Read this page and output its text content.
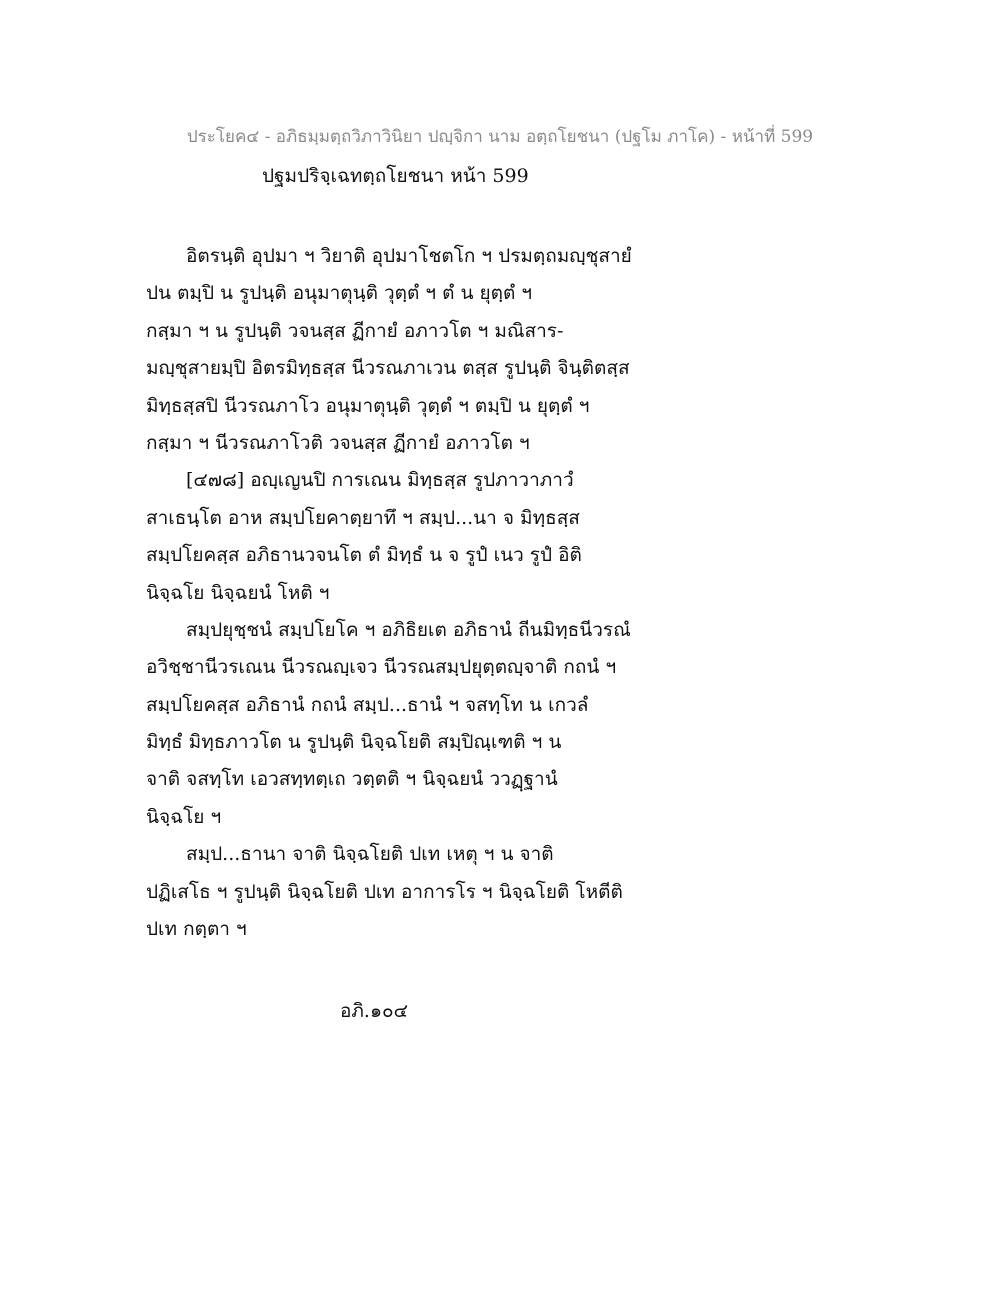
ประโยค๔ - อภิธมฺมตฺถวิภาวินิยา ปญฺจิกา นาม อตฺถโยชนา (ปฐโม ภาโค) - หน้าที่ 599
ปฐมปริจฺเฉทตฺถโยชนา หน้า 599
อิตรนฺติ อุปมา ฯ วิยาติ อุปมาโชตโก ฯ ปรมตฺถมญฺชุสายํ
ปน ตมฺปิ น รูปนฺติ อนุมาตุนฺติ วุตฺตํ ฯ ตํ น ยุตฺตํ ฯ
กสฺมา ฯ น รูปนฺติ วจนสฺส ฏีกายํ อภาวโต ฯ มณิสาร-
มญฺชุสายมฺปิ อิตรมิทฺธสฺส นีวรณภาเวน ตสฺส รูปนฺติ จินฺติตสฺส
มิทฺธสฺสปิ นีวรณภาโว อนุมาตุนฺติ วุตฺตํ ฯ ตมฺปิ น ยุตฺตํ ฯ
กสฺมา ฯ นีวรณภาโวติ วจนสฺส ฏีกายํ อภาวโต ฯ
[๔๗๘] อญฺเญนปิ การเณน มิทฺธสฺส รูปภาวาภาวํ
สาเธนฺโต อาห สมฺปโยคาตฺยาทึ ฯ สมฺป...นา จ มิทฺธสฺส
สมฺปโยคสฺส อภิธานวจนโต ตํ มิทฺธํ น จ รูปํ เนว รูปํ อิติ
นิจฺฉโย นิจฺฉยนํ โหติ ฯ
สมฺปยุชฺชนํ สมฺปโยโค ฯ อภิธิยเต อภิธานํ ถีนมิทฺธนีวรณํ
อวิชฺชานีวรเณน นีวรณญฺเจว นีวรณสมฺปยุตฺตญฺจาติ กถนํ ฯ
สมฺปโยคสฺส อภิธานํ กถนํ สมฺป...ธานํ ฯ จสทฺโท น เกวลํ
มิทฺธํ มิทฺธภาวโต น รูปนฺติ นิจฺฉโยติ สมฺปิณฺเฑติ ฯ น
จาติ จสทฺโท เอวสทฺทตฺเถ วตฺตติ ฯ นิจฺฉยนํ ววฏฺฐานํ
นิจฺฉโย ฯ
สมฺป...ธานา จาติ นิจฺฉโยติ ปเท เหตุ ฯ น จาติ
ปฏิเสโธ ฯ รูปนฺติ นิจฺฉโยติ ปเท อาการโร ฯ นิจฺฉโยติ โหตีติ
ปเท กตฺตา ฯ
อภิ.๑๐๔
